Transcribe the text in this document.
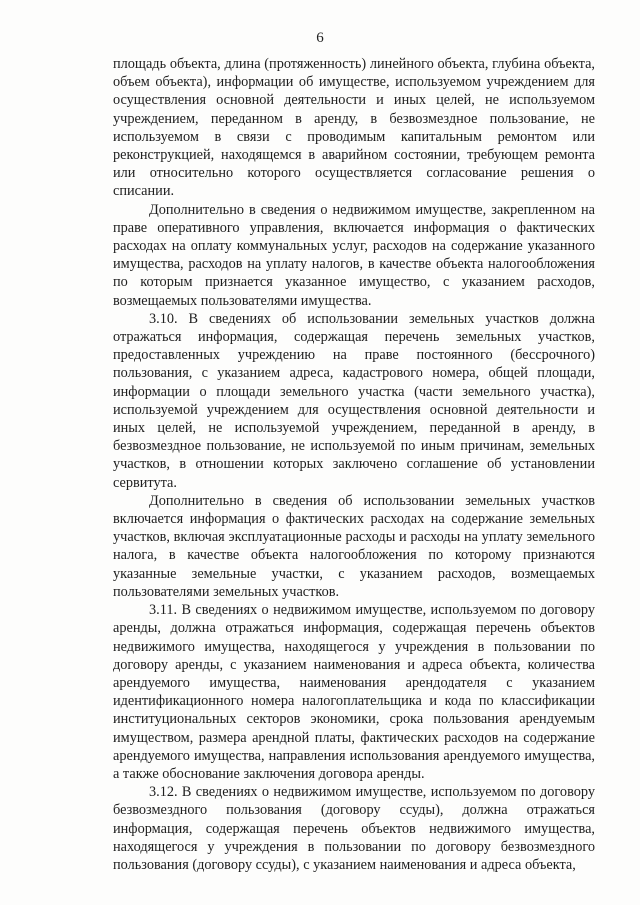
6

площадь объекта, длина (протяженность) линейного объекта, глубина объекта, объем объекта), информации об имуществе, используемом учреждением для осуществления основной деятельности и иных целей, не используемом учреждением, переданном в аренду, в безвозмездное пользование, не используемом в связи с проводимым капитальным ремонтом или реконструкцией, находящемся в аварийном состоянии, требующем ремонта или относительно которого осуществляется согласование решения о списании.

Дополнительно в сведения о недвижимом имуществе, закрепленном на праве оперативного управления, включается информация о фактических расходах на оплату коммунальных услуг, расходов на содержание указанного имущества, расходов на уплату налогов, в качестве объекта налогообложения по которым признается указанное имущество, с указанием расходов, возмещаемых пользователями имущества.

3.10. В сведениях об использовании земельных участков должна отражаться информация, содержащая перечень земельных участков, предоставленных учреждению на праве постоянного (бессрочного) пользования, с указанием адреса, кадастрового номера, общей площади, информации о площади земельного участка (части земельного участка), используемой учреждением для осуществления основной деятельности и иных целей, не используемой учреждением, переданной в аренду, в безвозмездное пользование, не используемой по иным причинам, земельных участков, в отношении которых заключено соглашение об установлении сервитута.

Дополнительно в сведения об использовании земельных участков включается информация о фактических расходах на содержание земельных участков, включая эксплуатационные расходы и расходы на уплату земельного налога, в качестве объекта налогообложения по которому признаются указанные земельные участки, с указанием расходов, возмещаемых пользователями земельных участков.

3.11. В сведениях о недвижимом имуществе, используемом по договору аренды, должна отражаться информация, содержащая перечень объектов недвижимого имущества, находящегося у учреждения в пользовании по договору аренды, с указанием наименования и адреса объекта, количества арендуемого имущества, наименования арендодателя с указанием идентификационного номера налогоплательщика и кода по классификации институциональных секторов экономики, срока пользования арендуемым имуществом, размера арендной платы, фактических расходов на содержание арендуемого имущества, направления использования арендуемого имущества, а также обоснование заключения договора аренды.

3.12. В сведениях о недвижимом имуществе, используемом по договору безвозмездного пользования (договору ссуды), должна отражаться информация, содержащая перечень объектов недвижимого имущества, находящегося у учреждения в пользовании по договору безвозмездного пользования (договору ссуды), с указанием наименования и адреса объекта,
